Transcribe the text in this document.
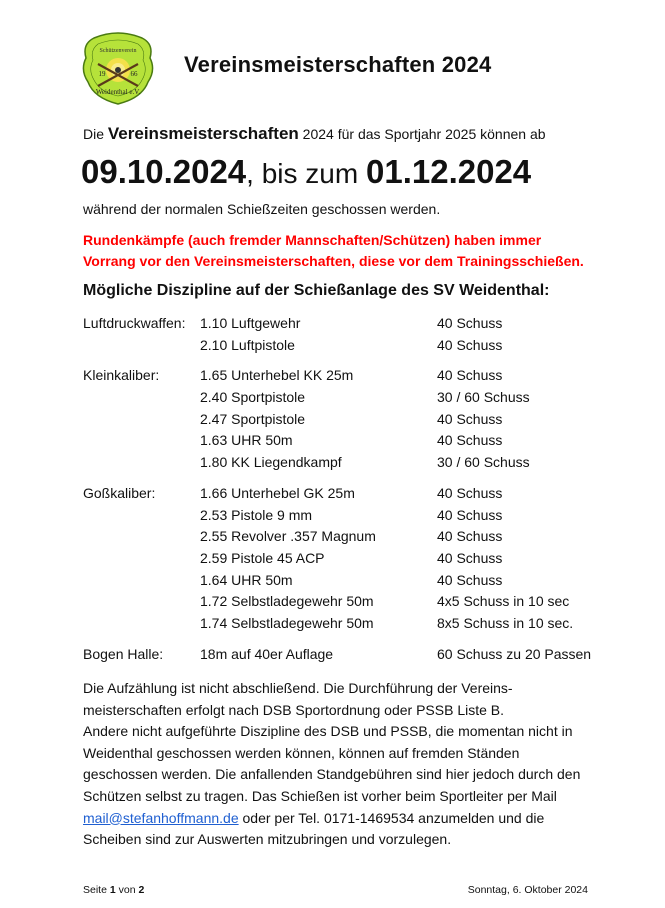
Schützenverein
19	66
Weidenthal e.V.
Vereinsmeisterschaften 2024
Die Vereinsmeisterschaften 2024 für das Sportjahr 2025 können ab
09.10.2024, bis zum 01.12.2024
während der normalen Schießzeiten geschossen werden.
Rundenkämpfe (auch fremder Mannschaften/Schützen) haben immer
Vorrang vor den Vereinsmeisterschaften, diese vor dem Trainingsschießen.
Mögliche Diszipline auf der Schießanlage des SV Weidenthal:
Luftdruckwaffen:	1.10 Luftgewehr	40 Schuss
2.10 Luftpistole	40 Schuss
Kleinkaliber:	1.65 Unterhebel KK 25m	40 Schuss
2.40 Sportpistole	30 / 60 Schuss
2.47 Sportpistole	40 Schuss
1.63 UHR 50m	40 Schuss
1.80 KK Liegendkampf	30 / 60 Schuss
Goßkaliber:	1.66 Unterhebel GK 25m	40 Schuss
2.53 Pistole 9 mm	40 Schuss
2.55 Revolver .357 Magnum	40 Schuss
2.59 Pistole 45 ACP	40 Schuss
1.64 UHR 50m	40 Schuss
1.72 Selbstladegewehr 50m	4x5 Schuss in 10 sec
1.74 Selbstladegewehr 50m	8x5 Schuss in 10 sec.
Bogen Halle:	18m auf 40er Auflage	60 Schuss zu 20 Passen

Die Aufzählung ist nicht abschließend. Die Durchführung der Vereins-

meisterschaften erfolgt nach DSB Sportordnung oder PSSB Liste B.

Andere nicht aufgeführte Diszipline des DSB und PSSB, die momentan nicht in

Weidenthal geschossen werden können, können auf fremden Ständen

geschossen werden. Die anfallenden Standgebühren sind hier jedoch durch den

Schützen selbst zu tragen. Das Schießen ist vorher beim Sportleiter per Mail

mail@stefanhoffmann.de oder per Tel. 0171-1469534 anzumelden und die

Scheiben sind zur Auswerten mitzubringen und vorzulegen.

Seite 1 von 2	Sonntag, 6. Oktober 2024
